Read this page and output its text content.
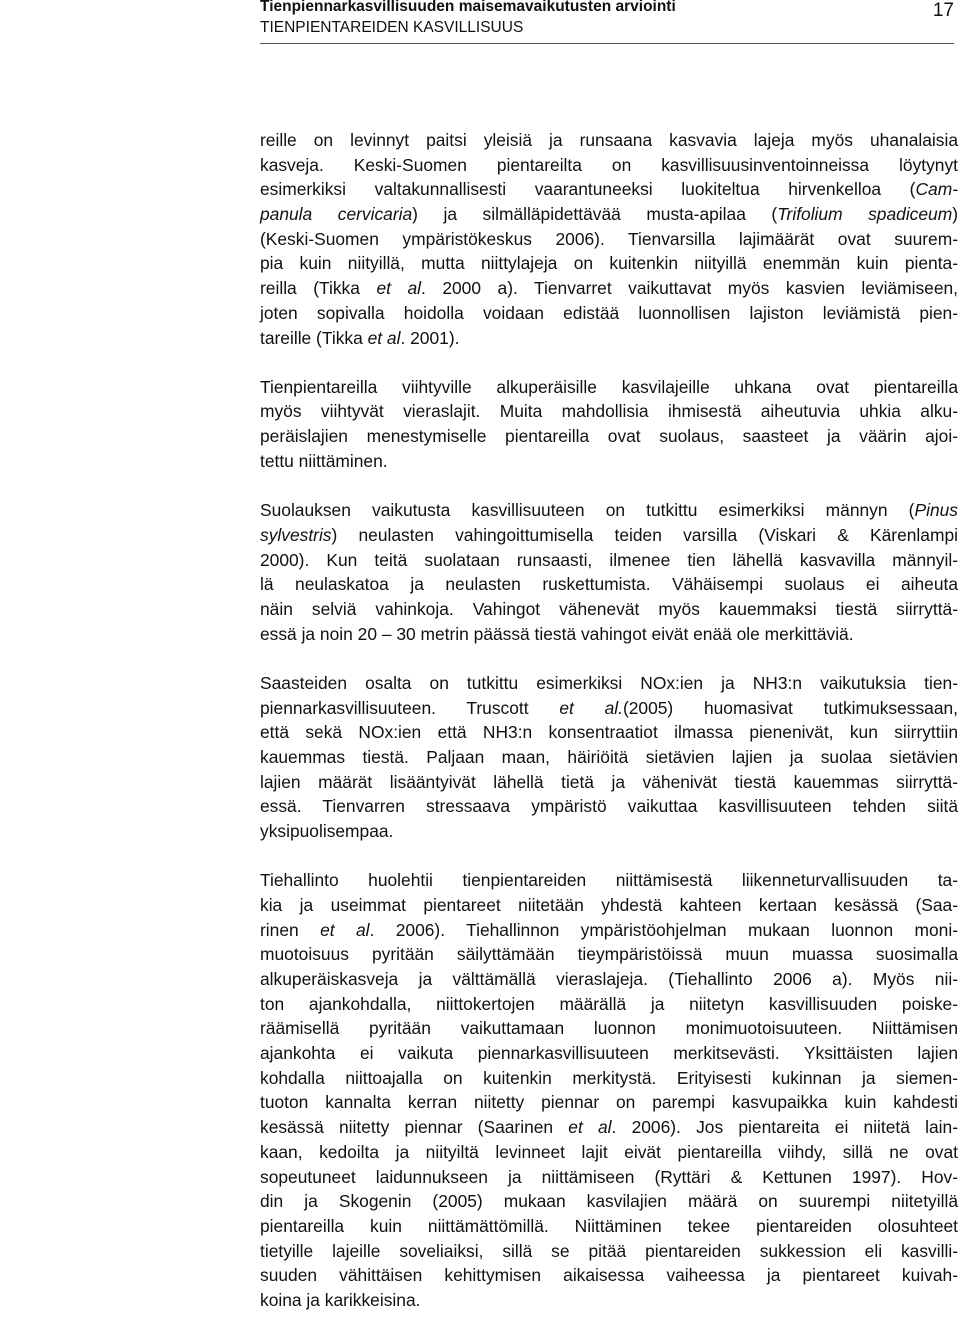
Tienpiennarkasvillisuuden maisemavaikutusten arviointi
TIENPIENTAREIDEN KASVILLISUUS
17
reille on levinnyt paitsi yleisiä ja runsaana kasvavia lajeja myös uhanalaisia
kasveja. Keski-Suomen pientareilta on kasvillisuusinventoinneissa löytynyt
esimerkiksi valtakunnallisesti vaarantuneeksi luokiteltua hirvenkelloa (Cam-
panula cervicaria) ja silmälläpidettävää musta-apilaa (Trifolium spadiceum)
(Keski-Suomen ympäristökeskus 2006). Tienvarsilla lajimäärät ovat suurem-
pia kuin niityillä, mutta niittylajeja on kuitenkin niityillä enemmän kuin pienta-
reilla (Tikka et al. 2000 a). Tienvarret vaikuttavat myös kasvien leviämiseen,
joten sopivalla hoidolla voidaan edistää luonnollisen lajiston leviämistä pien-
tareille (Tikka et al. 2001).
Tienpientareilla viihtyville alkuperäisille kasvilajeille uhkana ovat pientareilla
myös viihtyvät vieraslajit. Muita mahdollisia ihmisestä aiheutuvia uhkia alku-
peräislajien menestymiselle pientareilla ovat suolaus, saasteet ja väärin ajoi-
tettu niittäminen.
Suolauksen vaikutusta kasvillisuuteen on tutkittu esimerkiksi männyn (Pinus
sylvestris) neulasten vahingoittumisella teiden varsilla (Viskari & Kärenlampi
2000). Kun teitä suolataan runsaasti, ilmenee tien lähellä kasvavilla männyil-
lä neulaskatoa ja neulasten ruskettumista. Vähäisempi suolaus ei aiheuta
näin selviä vahinkoja. Vahingot vähenevät myös kauemmaksi tiestä siirryttä-
essä ja noin 20 – 30 metrin päässä tiestä vahingot eivät enää ole merkittäviä.
Saasteiden osalta on tutkittu esimerkiksi NOx:ien ja NH3:n vaikutuksia tien-
piennarkasvillisuuteen. Truscott et al.(2005) huomasivat tutkimuksessaan,
että sekä NOx:ien että NH3:n konsentraatiot ilmassa pienenivät, kun siirryttiin
kauemmas tiestä. Paljaan maan, häiriöitä sietävien lajien ja suolaa sietävien
lajien määrät lisääntyivät lähellä tietä ja vähenivät tiestä kauemmas siirryttä-
essä. Tienvarren stressaava ympäristö vaikuttaa kasvillisuuteen tehden siitä
yksipuolisempaa.
Tiehallinto huolehtii tienpientareiden niittämisestä liikenneturvallisuuden ta-
kia ja useimmat pientareet niitetään yhdestä kahteen kertaan kesässä (Saa-
rinen et al. 2006). Tiehallinnon ympäristöohjelman mukaan luonnon moni-
muotoisuus pyritään säilyttämään tieympäristöissä muun muassa suosimalla
alkuperäiskasveja ja välttämällä vieraslajeja. (Tiehallinto 2006 a). Myös nii-
ton ajankohdalla, niittokertojen määrällä ja niitetyn kasvillisuuden poiske-
räämisellä pyritään vaikuttamaan luonnon monimuotoisuuteen. Niittämisen
ajankohta ei vaikuta piennarkasvillisuuteen merkitsevästi. Yksittäisten lajien
kohdalla niittoajalla on kuitenkin merkitystä. Erityisesti kukinnan ja siemen-
tuoton kannalta kerran niitetty piennar on parempi kasvupaikka kuin kahdesti
kesässä niitetty piennar (Saarinen et al. 2006). Jos pientareita ei niitetä lain-
kaan, kedoilta ja niityiltä levinneet lajit eivät pientareilla viihdy, sillä ne ovat
sopeutuneet laidunnukseen ja niittämiseen (Ryttäri & Kettunen 1997). Hov-
din ja Skogenin (2005) mukaan kasvilajien määrä on suurempi niitetyillä
pientareilla kuin niittämättömillä. Niittäminen tekee pientareiden olosuhteet
tietyille lajeille soveliaiksi, sillä se pitää pientareiden sukkession eli kasvilli-
suuden vähittäisen kehittymisen aikaisessa vaiheessa ja pientareet kuivah-
koina ja karikkeisina.
